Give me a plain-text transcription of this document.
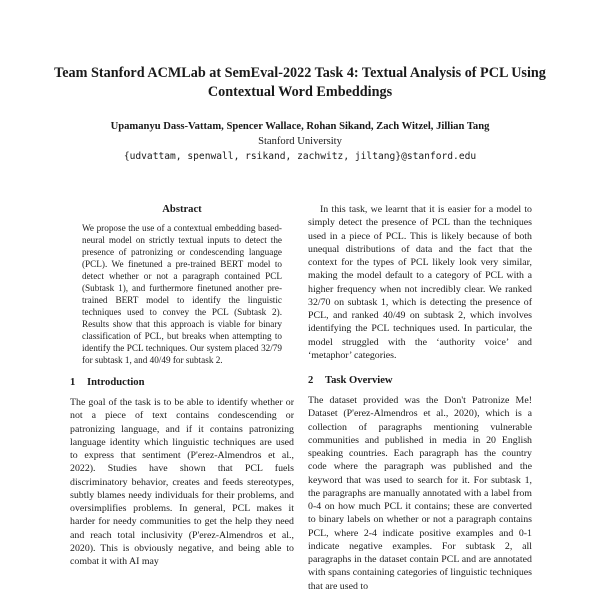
Team Stanford ACMLab at SemEval-2022 Task 4: Textual Analysis of PCL Using Contextual Word Embeddings
Upamanyu Dass-Vattam, Spencer Wallace, Rohan Sikand, Zach Witzel, Jillian Tang
Stanford University
{udvattam, spenwall, rsikand, zachwitz, jiltang}@stanford.edu
Abstract

We propose the use of a contextual embedding based-neural model on strictly textual inputs to detect the presence of patronizing or condescending language (PCL). We finetuned a pre-trained BERT model to detect whether or not a paragraph contained PCL (Subtask 1), and furthermore finetuned another pre-trained BERT model to identify the linguistic techniques used to convey the PCL (Subtask 2). Results show that this approach is viable for binary classification of PCL, but breaks when attempting to identify the PCL techniques. Our system placed 32/79 for subtask 1, and 40/49 for subtask 2.

1 Introduction

The goal of the task is to be able to identify whether or not a piece of text contains condescending or patronizing language, and if it contains patronizing language identity which linguistic techniques are used to express that sentiment (P'erez-Almendros et al., 2022). Studies have shown that PCL fuels discriminatory behavior, creates and feeds stereotypes, subtly blames needy individuals for their problems, and oversimplifies problems. In general, PCL makes it harder for needy communities to get the help they need and reach total inclusivity (P'erez-Almendros et al., 2020). This is obviously negative, and being able to combat it with AI may

In this task, we learnt that it is easier for a model to simply detect the presence of PCL than the techniques used in a piece of PCL. This is likely because of both unequal distributions of data and the fact that the context for the types of PCL likely look very similar, making the model default to a category of PCL with a higher frequency when not incredibly clear. We ranked 32/70 on subtask 1, which is detecting the presence of PCL, and ranked 40/49 on subtask 2, which involves identifying the PCL techniques used. In particular, the model struggled with the ‘authority voice’ and ‘metaphor’ categories.

2 Task Overview

The dataset provided was the Don't Patronize Me! Dataset (P'erez-Almendros et al., 2020), which is a collection of paragraphs mentioning vulnerable communities and published in media in 20 English speaking countries. Each paragraph has the country code where the paragraph was published and the keyword that was used to search for it. For subtask 1, the paragraphs are manually annotated with a label from 0-4 on how much PCL it contains; these are converted to binary labels on whether or not a paragraph contains PCL, where 2-4 indicate positive examples and 0-1 indicate negative examples. For subtask 2, all paragraphs in the dataset contain PCL and are annotated with spans containing categories of linguistic techniques that are used to
